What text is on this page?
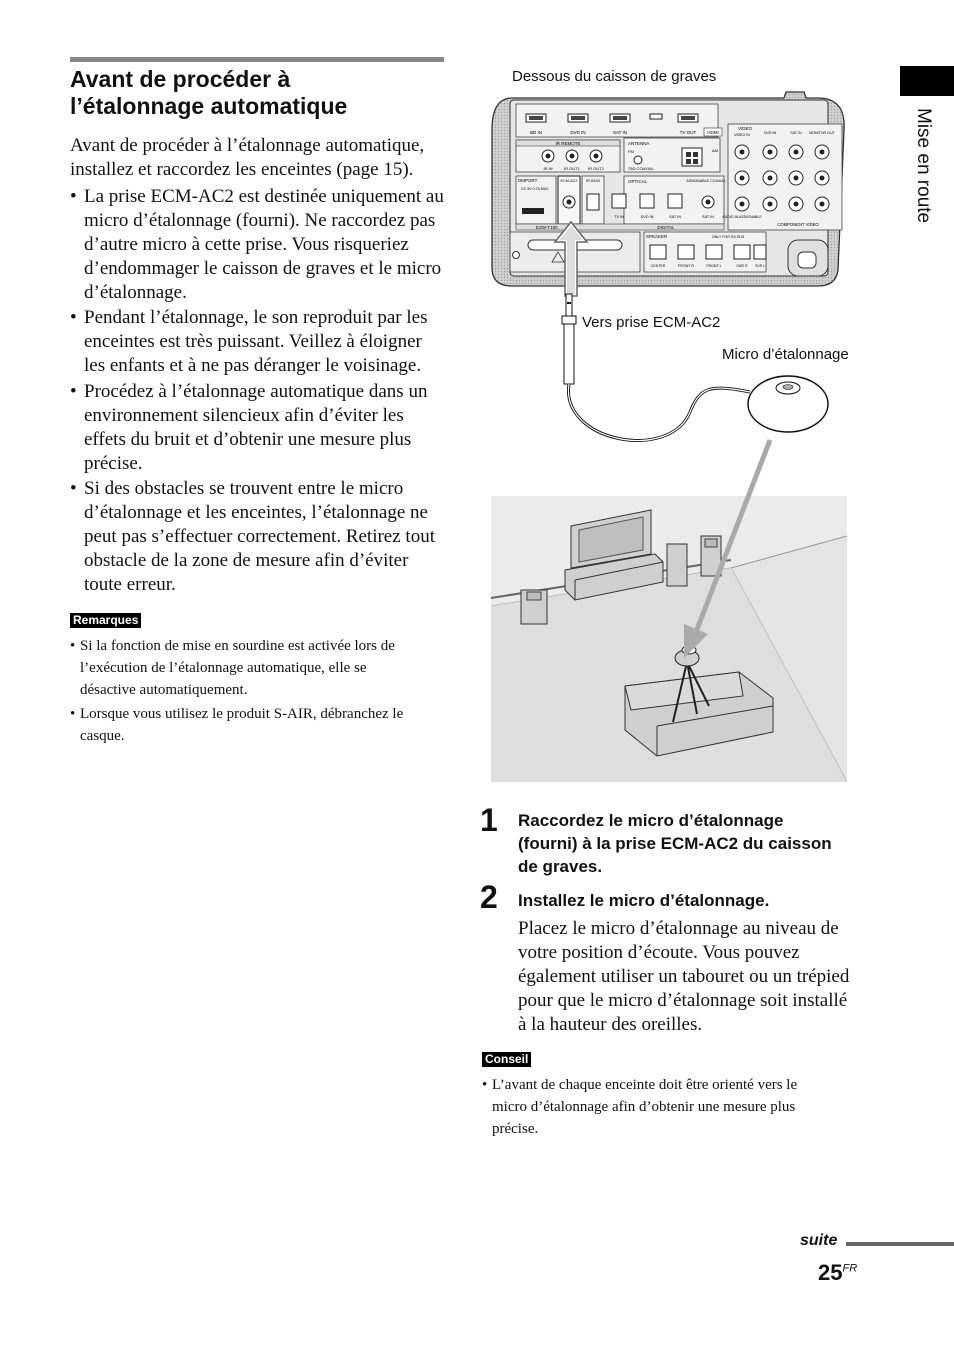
Avant de procéder à
l’étalonnage automatique
Avant de procéder à l’étalonnage automatique,
installez et raccordez les enceintes (page 15).
• La prise ECM-AC2 est destinée uniquement au
micro d’étalonnage (fourni). Ne raccordez pas
d’autre micro à cette prise. Vous risqueriez
d’endommager le caisson de graves et le micro
d’étalonnage.
• Pendant l’étalonnage, le son reproduit par les
enceintes est très puissant. Veillez à éloigner
les enfants et à ne pas déranger le voisinage.
• Procédez à l’étalonnage automatique dans un
environnement silencieux afin d’éviter les
effets du bruit et d’obtenir une mesure plus
précise.
• Si des obstacles se trouvent entre le micro
d’étalonnage et les enceintes, l’étalonnage ne
peut pas s’effectuer correctement. Retirez tout
obstacle de la zone de mesure afin d’éviter
toute erreur.
Remarques
• Si la fonction de mise en sourdine est activée lors de
l’exécution de l’étalonnage automatique, elle se
désactive automatiquement.
• Lorsque vous utilisez le produit S-AIR, débranchez le
casque.
Mise en route
Dessous du caisson de graves
BD IN	DVD IN	SAT IN	TV OUT HDMI
IR REMOTE
IR IN	IR OUT1 IR OUT2
ANTENNA
FM
75Ω COAXIAL
AM
DMPORT
DC 5V 0.7A MAX
ECM-AC2 IR-B100	OPTICAL	ASSIGNABLE COAXIAL
TV IN	DVD IN	SAT IN	SAT IN
EZW-T100	DIGITAL
SPEAKER	ONLY FOR SS-IS15
CENTER	FRONT R	FRONT L	SUR R SUR L
VIDEO
VIDEO IN	DVD IN	SAT IN MONITOR OUT
AUDIO IN ASSIGNABLE
COMPONENT VIDEO
Vers prise ECM-AC2
Micro d’étalonnage
1 Raccordez le micro d’étalonnage
(fourni) à la prise ECM-AC2 du caisson
de graves.
2 Installez le micro d’étalonnage.
Placez le micro d’étalonnage au niveau de
votre position d’écoute. Vous pouvez
également utiliser un tabouret ou un trépied
pour que le micro d’étalonnage soit installé
à la hauteur des oreilles.
Conseil
• L’avant de chaque enceinte doit être orienté vers le
micro d’étalonnage afin d’obtenir une mesure plus
précise.
suite
$25^{FR}$
